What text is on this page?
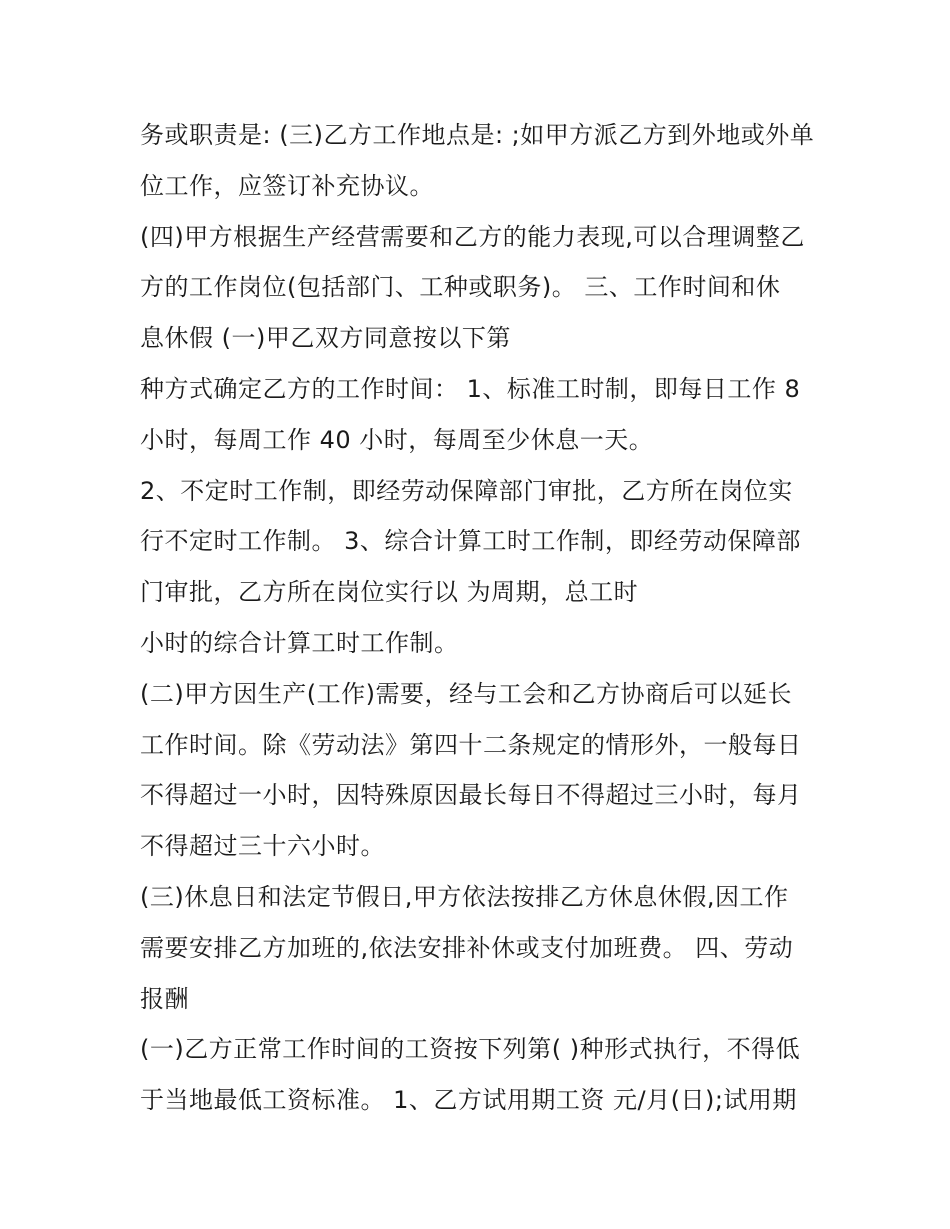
务或职责是: (三)乙方工作地点是: ;如甲方派乙方到外地或外单
位工作，应签订补充协议。
(四)甲方根据生产经营需要和乙方的能力表现,可以合理调整乙
方的工作岗位(包括部门、工种或职务)。 三、工作时间和休
息休假 (一)甲乙双方同意按以下第
种方式确定乙方的工作时间： 1、标准工时制，即每日工作 8
小时，每周工作 40 小时，每周至少休息一天。
2、不定时工作制，即经劳动保障部门审批，乙方所在岗位实
行不定时工作制。 3、综合计算工时工作制，即经劳动保障部
门审批，乙方所在岗位实行以 为周期，总工时
小时的综合计算工时工作制。
(二)甲方因生产(工作)需要，经与工会和乙方协商后可以延长
工作时间。除《劳动法》第四十二条规定的情形外，一般每日
不得超过一小时，因特殊原因最长每日不得超过三小时，每月
不得超过三十六小时。
(三)休息日和法定节假日,甲方依法按排乙方休息休假,因工作
需要安排乙方加班的,依法安排补休或支付加班费。 四、劳动
报酬
(一)乙方正常工作时间的工资按下列第( )种形式执行，不得低
于当地最低工资标准。 1、乙方试用期工资 元/月(日);试用期
